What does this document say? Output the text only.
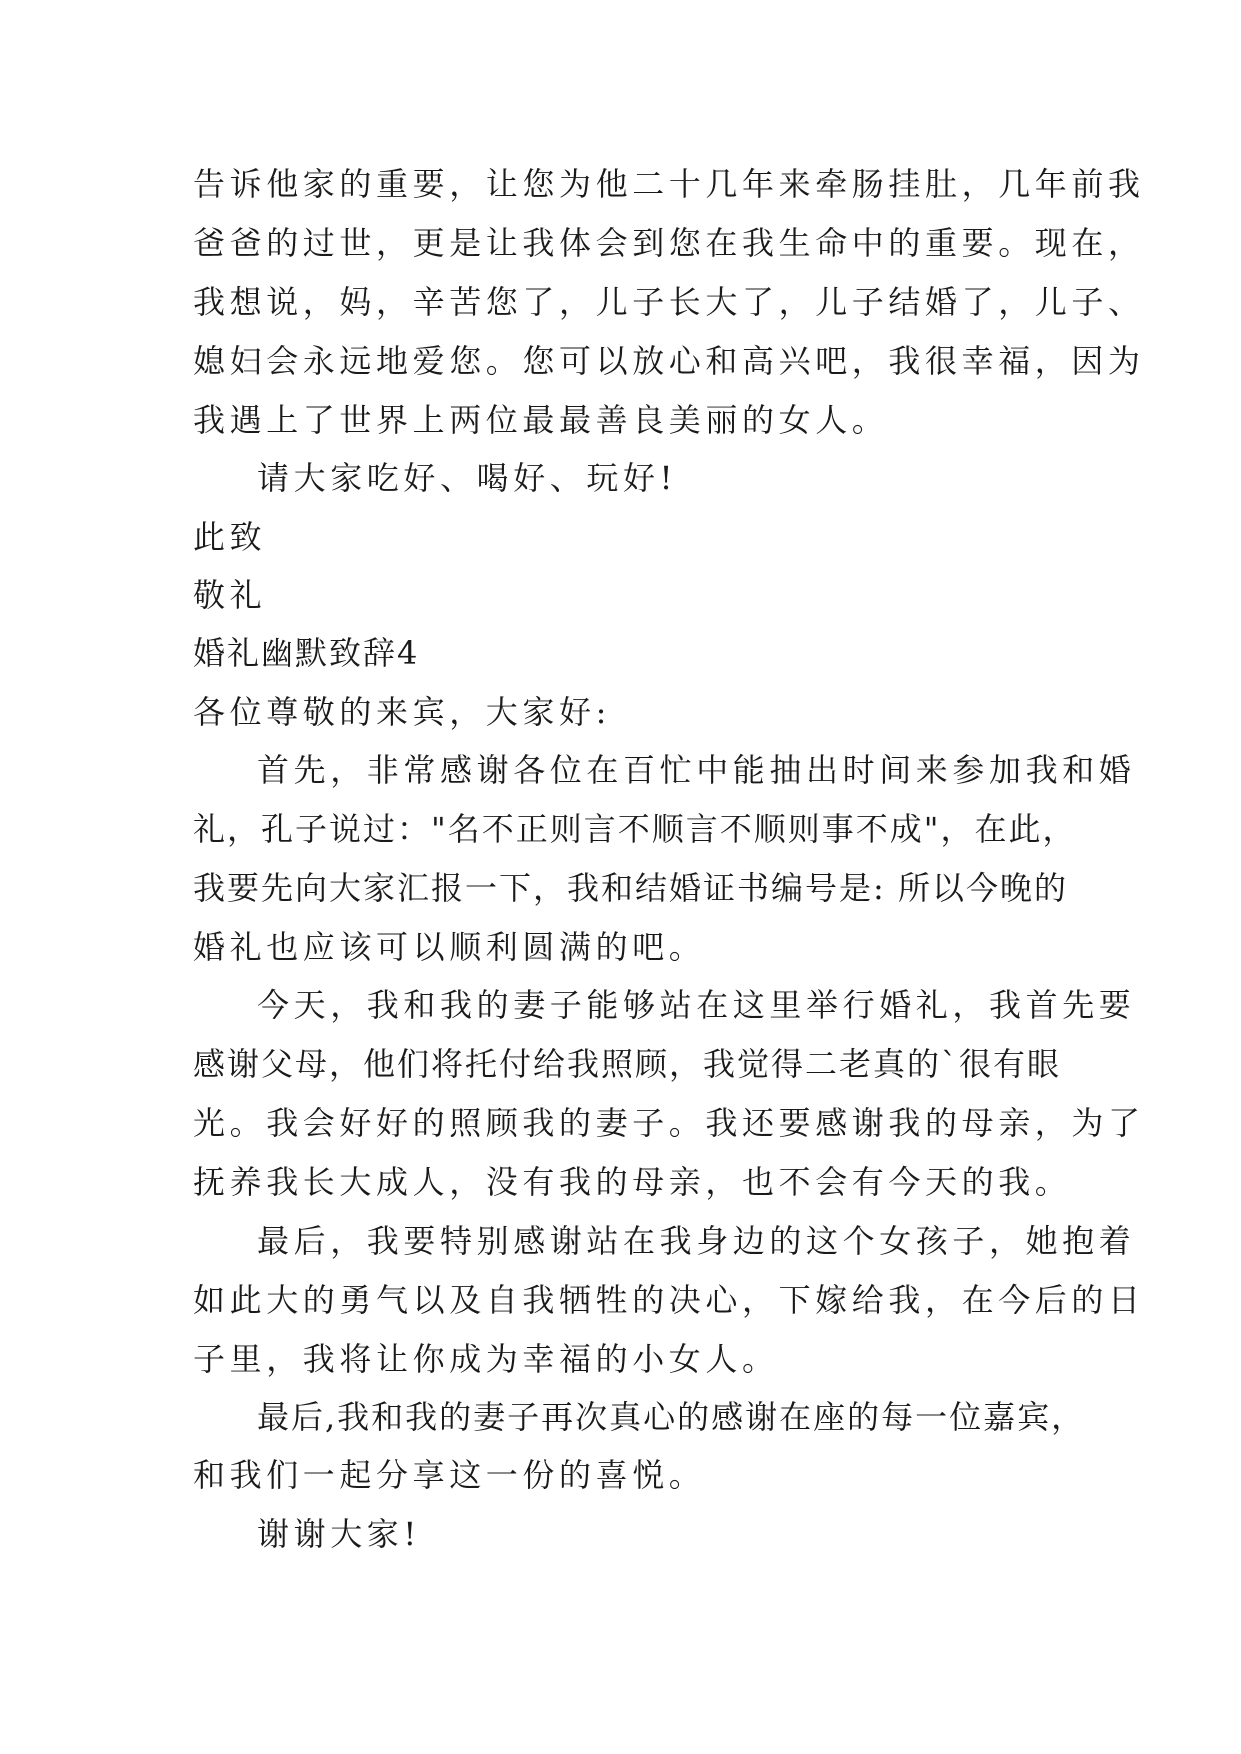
告诉他家的重要，让您为他二十几年来牵肠挂肚，几年前我

爸爸的过世，更是让我体会到您在我生命中的重要。现在，

我想说，妈，辛苦您了，儿子长大了，儿子结婚了，儿子、

媳妇会永远地爱您。您可以放心和高兴吧，我很幸福，因为

我遇上了世界上两位最最善良美丽的女人。

请大家吃好、喝好、玩好!

此致

敬礼

婚礼幽默致辞4

各位尊敬的来宾，大家好:

首先，非常感谢各位在百忙中能抽出时间来参加我和婚

礼，孔子说过："名不正则言不顺言不顺则事不成"，在此，

我要先向大家汇报一下，我和结婚证书编号是: 所以今晚的

婚礼也应该可以顺利圆满的吧。

今天，我和我的妻子能够站在这里举行婚礼，我首先要

感谢父母，他们将托付给我照顾，我觉得二老真的`很有眼

光。我会好好的照顾我的妻子。我还要感谢我的母亲，为了

抚养我长大成人，没有我的母亲，也不会有今天的我。

最后，我要特别感谢站在我身边的这个女孩子，她抱着

如此大的勇气以及自我牺牲的决心，下嫁给我，在今后的日

子里，我将让你成为幸福的小女人。

最后,我和我的妻子再次真心的感谢在座的每一位嘉宾，

和我们一起分享这一份的喜悦。

谢谢大家!
